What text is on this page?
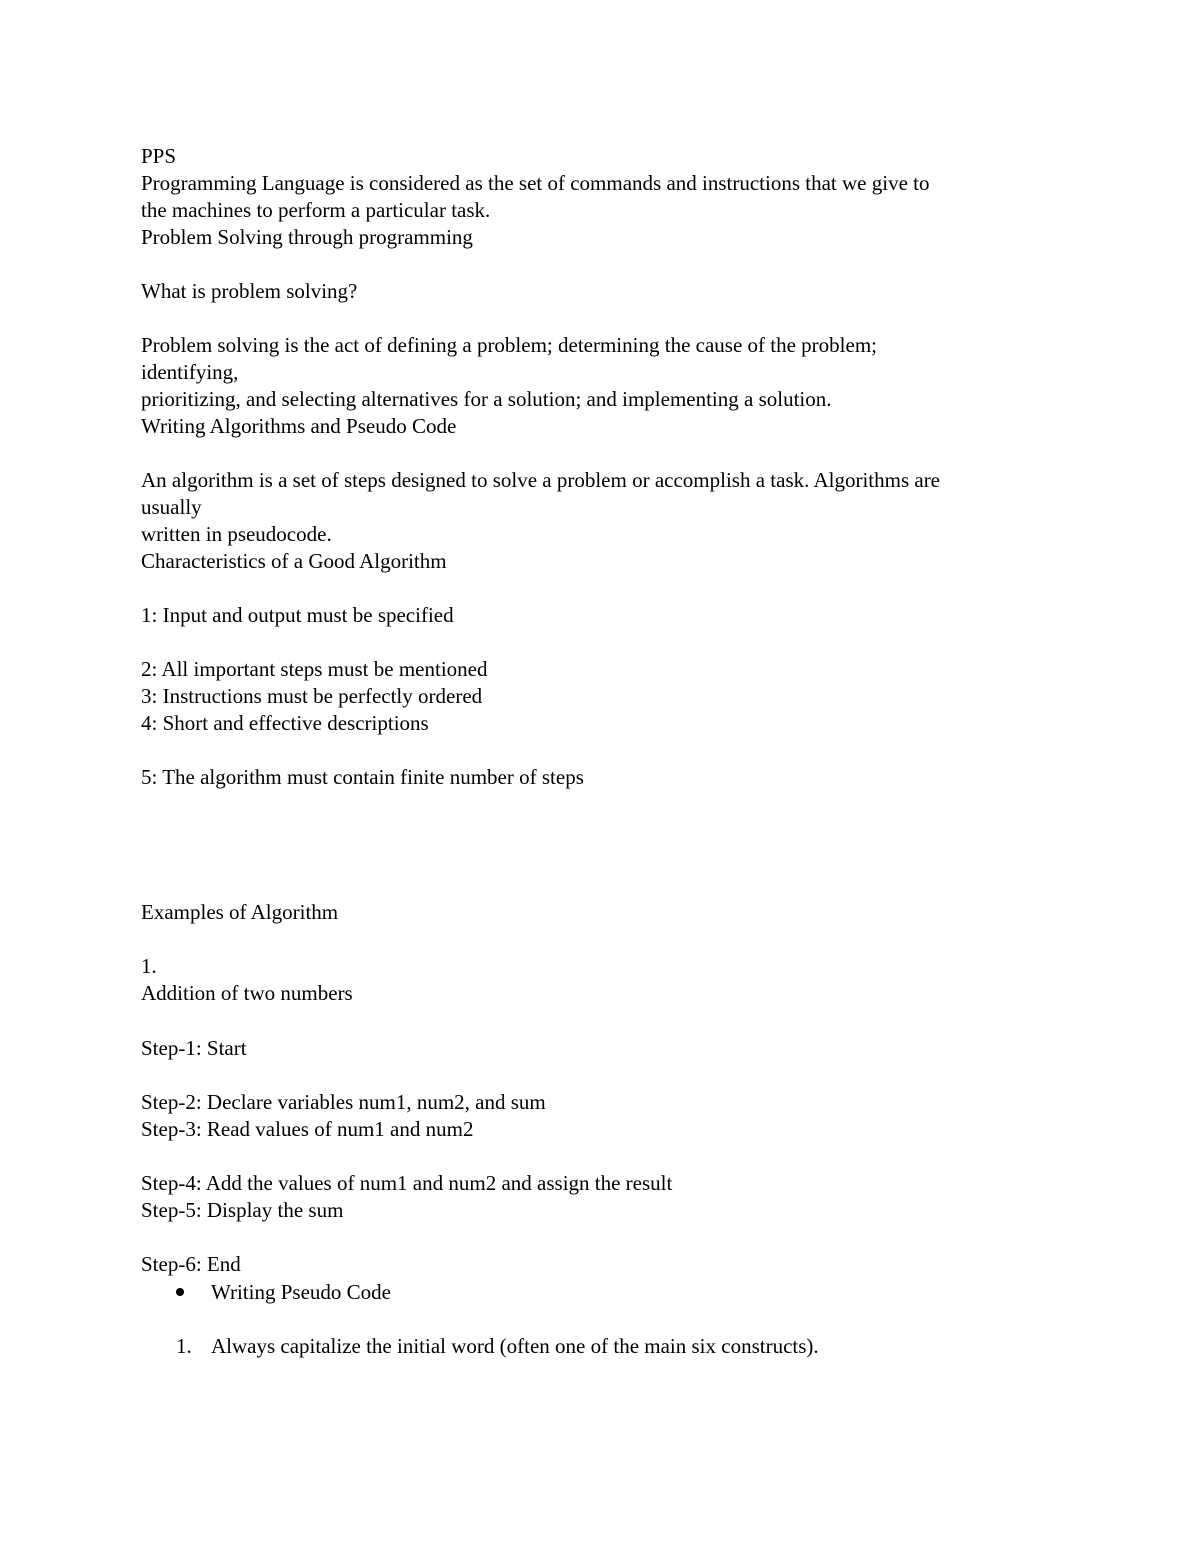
PPS
Programming Language is considered as the set of commands and instructions that we give to
the machines to perform a particular task.
Problem Solving through programming
What is problem solving?
Problem solving is the act of defining a problem; determining the cause of the problem;
identifying,
prioritizing, and selecting alternatives for a solution; and implementing a solution.
Writing Algorithms and Pseudo Code
An algorithm is a set of steps designed to solve a problem or accomplish a task. Algorithms are
usually
written in pseudocode.
Characteristics of a Good Algorithm
1: Input and output must be specified
2: All important steps must be mentioned
3: Instructions must be perfectly ordered
4: Short and effective descriptions
5: The algorithm must contain finite number of steps
Examples of Algorithm
1.
Addition of two numbers
Step-1: Start
Step-2: Declare variables num1, num2, and sum
Step-3: Read values of num1 and num2
Step-4: Add the values of num1 and num2 and assign the result
Step-5: Display the sum
Step-6: End
Writing Pseudo Code
1. Always capitalize the initial word (often one of the main six constructs).
